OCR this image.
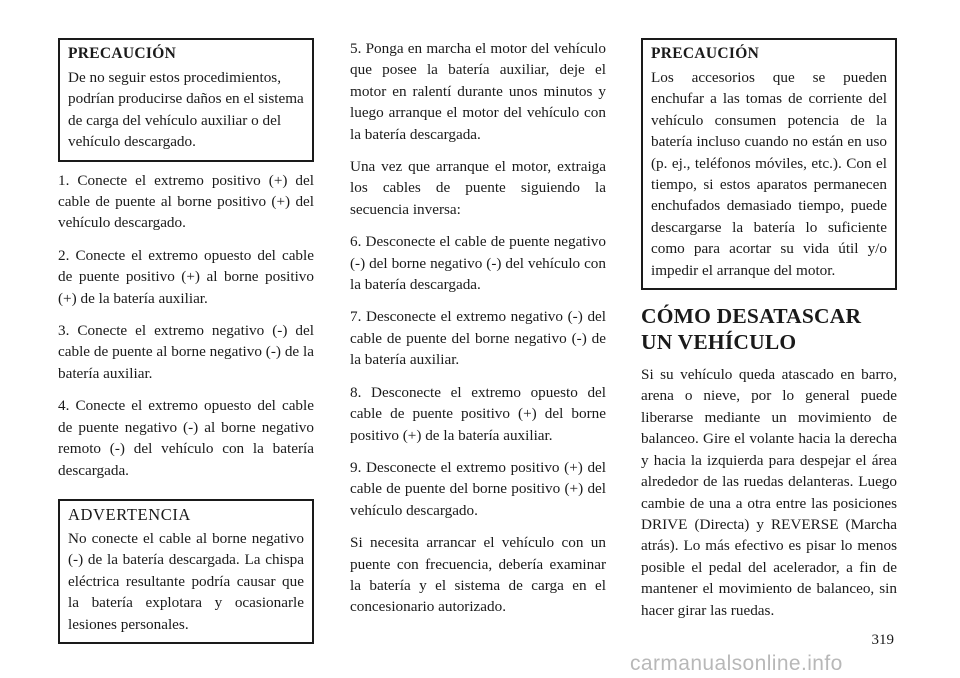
PRECAUCIÓN
De no seguir estos procedimientos, podrían producirse daños en el sistema de carga del vehículo auxiliar o del vehículo descargado.

1. Conecte el extremo positivo (+) del cable de puente al borne positivo (+) del vehículo descargado.

2. Conecte el extremo opuesto del cable de puente positivo (+) al borne positivo (+) de la batería auxiliar.

3. Conecte el extremo negativo (-) del cable de puente al borne negativo (-) de la batería auxiliar.

4. Conecte el extremo opuesto del cable de puente negativo (-) al borne negativo remoto (-) del vehículo con la batería descargada.

ADVERTENCIA
No conecte el cable al borne negativo (-) de la batería descargada. La chispa eléctrica resultante podría causar que la batería explotara y ocasionarle lesiones personales.

5. Ponga en marcha el motor del vehículo que posee la batería auxiliar, deje el motor en ralentí durante unos minutos y luego arranque el motor del vehículo con la batería descargada.

Una vez que arranque el motor, extraiga los cables de puente siguiendo la secuencia inversa:

6. Desconecte el cable de puente negativo (-) del borne negativo (-) del vehículo con la batería descargada.

7. Desconecte el extremo negativo (-) del cable de puente del borne negativo (-) de la batería auxiliar.

8. Desconecte el extremo opuesto del cable de puente positivo (+) del borne positivo (+) de la batería auxiliar.

9. Desconecte el extremo positivo (+) del cable de puente del borne positivo (+) del vehículo descargado.

Si necesita arrancar el vehículo con un puente con frecuencia, debería examinar la batería y el sistema de carga en el concesionario autorizado.

PRECAUCIÓN
Los accesorios que se pueden enchufar a las tomas de corriente del vehículo consumen potencia de la batería incluso cuando no están en uso (p. ej., teléfonos móviles, etc.). Con el tiempo, si estos aparatos permanecen enchufados demasiado tiempo, puede descargarse la batería lo suficiente como para acortar su vida útil y/o impedir el arranque del motor.
CÓMO DESATASCAR UN VEHÍCULO

Si su vehículo queda atascado en barro, arena o nieve, por lo general puede liberarse mediante un movimiento de balanceo. Gire el volante hacia la derecha y hacia la izquierda para despejar el área alrededor de las ruedas delanteras. Luego cambie de una a otra entre las posiciones DRIVE (Directa) y REVERSE (Marcha atrás). Lo más efectivo es pisar lo menos posible el pedal del acelerador, a fin de mantener el movimiento de balanceo, sin hacer girar las ruedas.

319
carmanualsonline.info
